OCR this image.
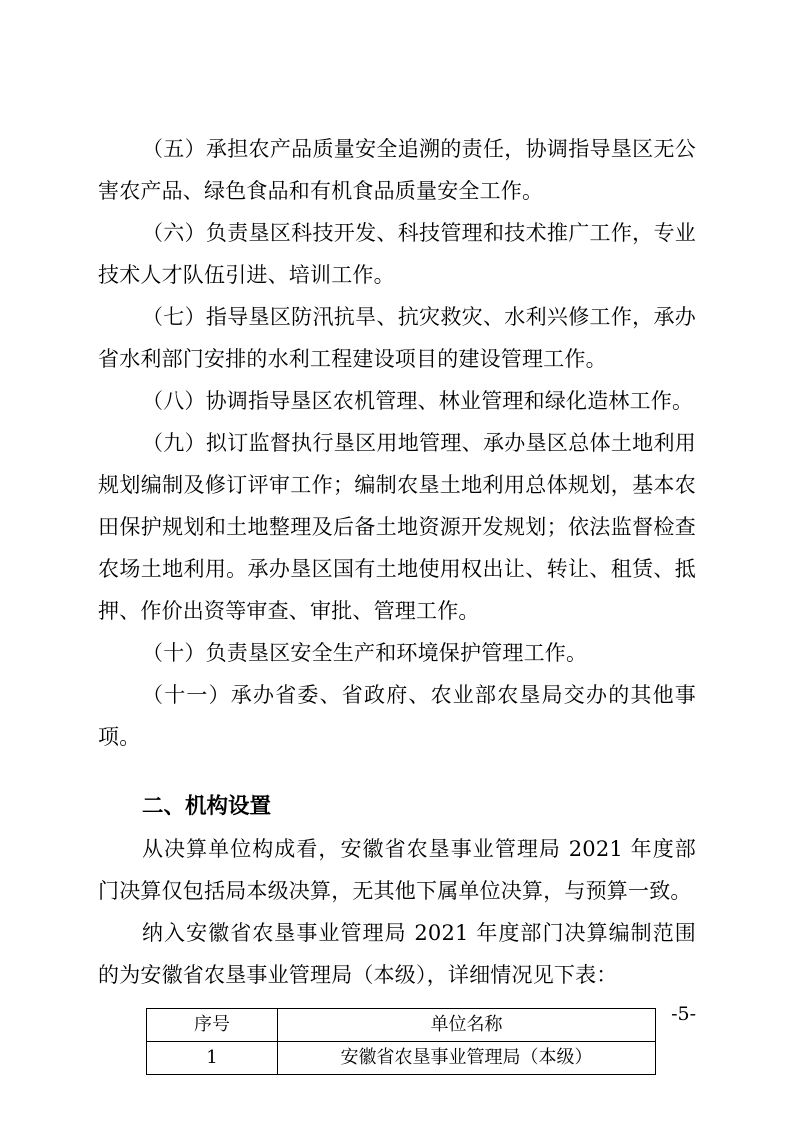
（五）承担农产品质量安全追溯的责任，协调指导垦区无公害农产品、绿色食品和有机食品质量安全工作。

（六）负责垦区科技开发、科技管理和技术推广工作，专业技术人才队伍引进、培训工作。

（七）指导垦区防汛抗旱、抗灾救灾、水利兴修工作，承办省水利部门安排的水利工程建设项目的建设管理工作。

（八）协调指导垦区农机管理、林业管理和绿化造林工作。

（九）拟订监督执行垦区用地管理、承办垦区总体土地利用规划编制及修订评审工作；编制农垦土地利用总体规划，基本农田保护规划和土地整理及后备土地资源开发规划；依法监督检查农场土地利用。承办垦区国有土地使用权出让、转让、租赁、抵押、作价出资等审查、审批、管理工作。

（十）负责垦区安全生产和环境保护管理工作。

（十一）承办省委、省政府、农业部农垦局交办的其他事项。

二、机构设置

从决算单位构成看，安徽省农垦事业管理局 2021 年度部门决算仅包括局本级决算，无其他下属单位决算，与预算一致。

纳入安徽省农垦事业管理局 2021 年度部门决算编制范围的为安徽省农垦事业管理局（本级），详细情况见下表：

序号	单位名称
1	安徽省农垦事业管理局（本级）
-5-
